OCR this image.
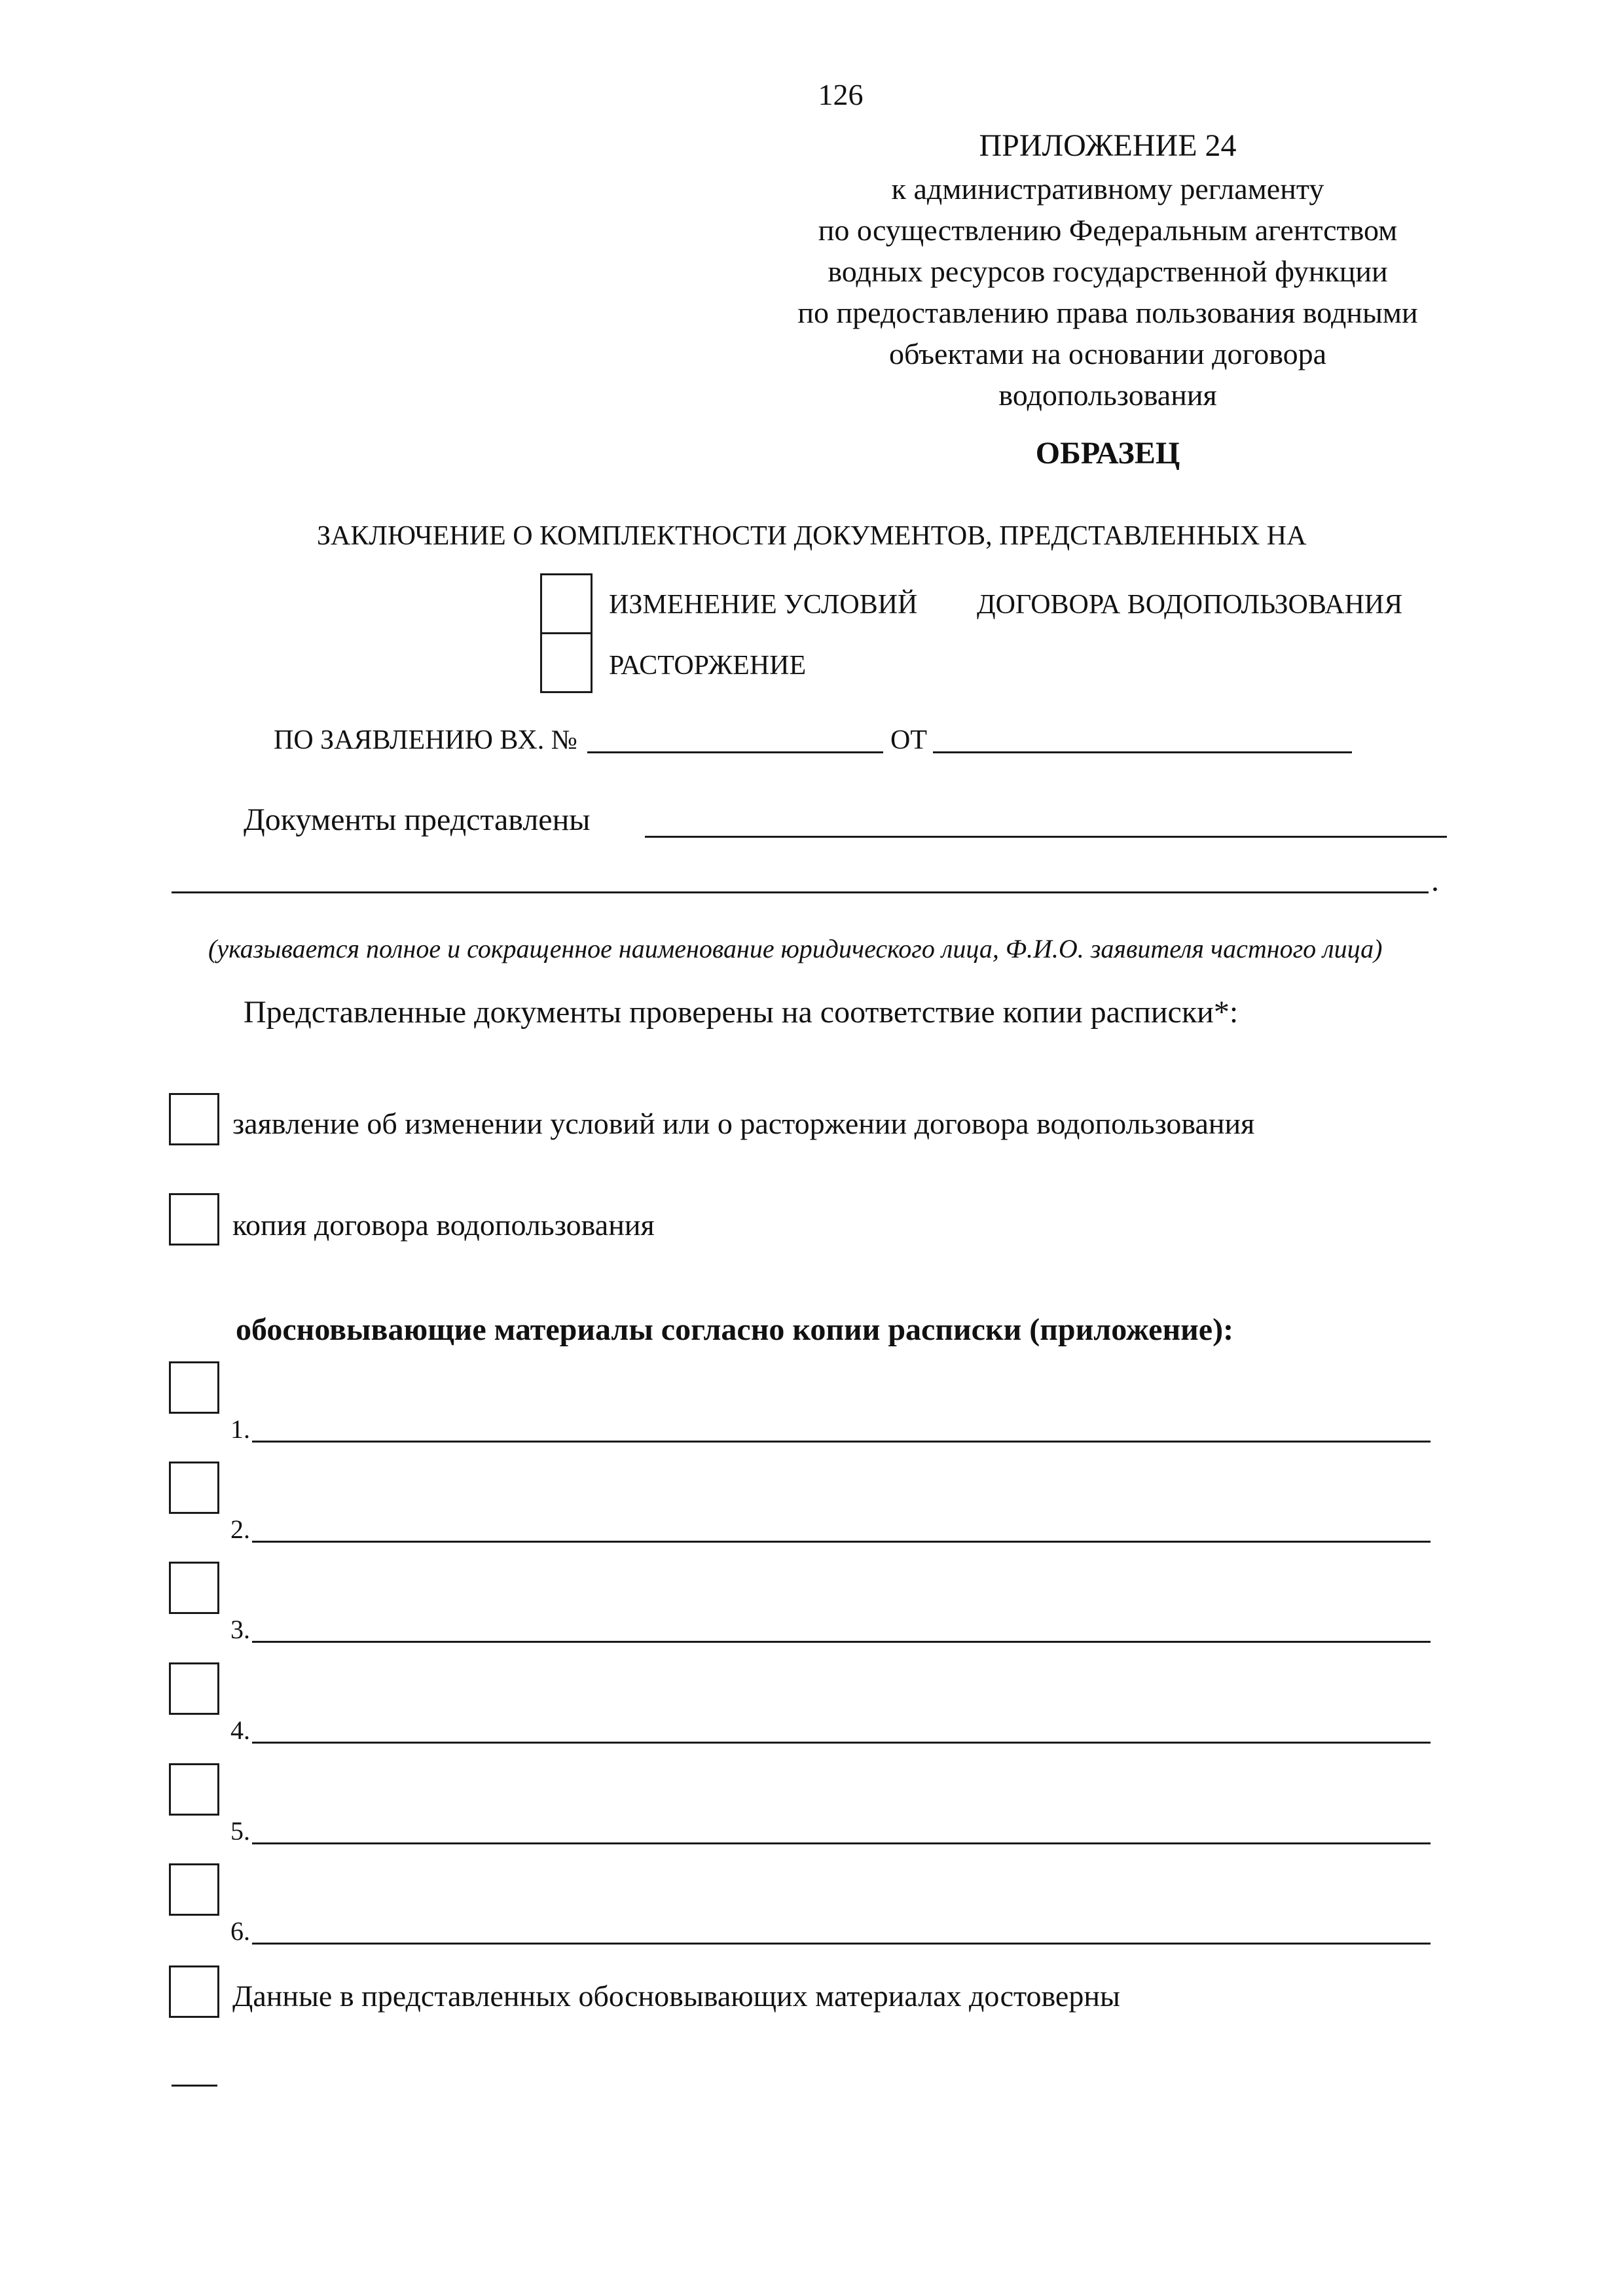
126
ПРИЛОЖЕНИЕ 24
к административному регламенту
по осуществлению Федеральным агентством
водных ресурсов государственной функции
по предоставлению права пользования водными
объектами на основании договора
водопользования
ОБРАЗЕЦ
ЗАКЛЮЧЕНИЕ О КОМПЛЕКТНОСТИ ДОКУМЕНТОВ, ПРЕДСТАВЛЕННЫХ НА
ИЗМЕНЕНИЕ УСЛОВИЙ ДОГОВОРА ВОДОПОЛЬЗОВАНИЯ
РАСТОРЖЕНИЕ
ПО ЗАЯВЛЕНИЮ ВХ. №	ОТ
Документы представлены
.
(указывается полное и сокращенное наименование юридического лица, Ф.И.О. заявителя частного лица)
Представленные документы проверены на соответствие копии расписки*:
заявление об изменении условий или о расторжении договора водопользования
копия договора водопользования
обосновывающие материалы согласно копии расписки (приложение):
1.
2.
3.
4.
5.
6.
Данные в представленных обосновывающих материалах достоверны
